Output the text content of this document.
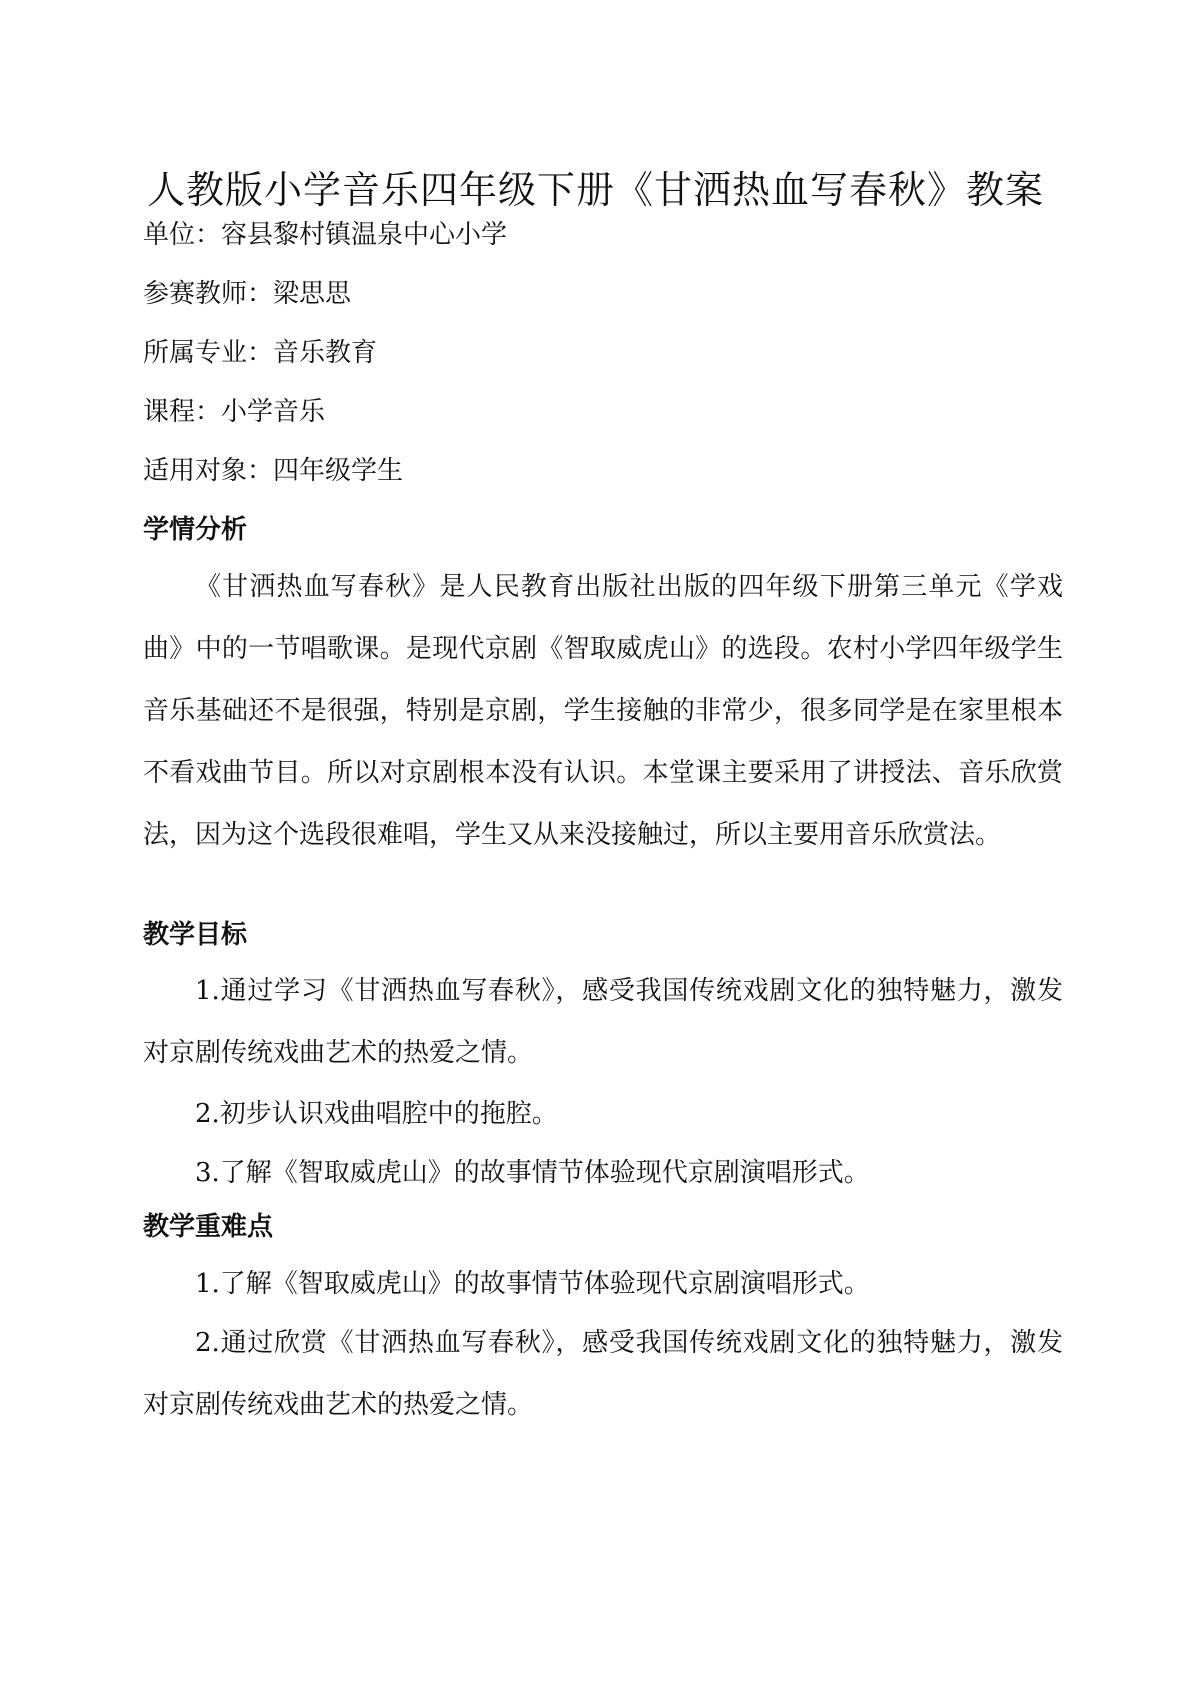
人教版小学音乐四年级下册《甘洒热血写春秋》教案
单位：容县黎村镇温泉中心小学
参赛教师：梁思思
所属专业：音乐教育
课程：小学音乐
适用对象：四年级学生
学情分析
《甘洒热血写春秋》是人民教育出版社出版的四年级下册第三单元《学戏曲》中的一节唱歌课。是现代京剧《智取威虎山》的选段。农村小学四年级学生音乐基础还不是很强，特别是京剧，学生接触的非常少，很多同学是在家里根本不看戏曲节目。所以对京剧根本没有认识。本堂课主要采用了讲授法、音乐欣赏法，因为这个选段很难唱，学生又从来没接触过，所以主要用音乐欣赏法。
教学目标
1.通过学习《甘洒热血写春秋》，感受我国传统戏剧文化的独特魅力，激发对京剧传统戏曲艺术的热爱之情。
2.初步认识戏曲唱腔中的拖腔。
3.了解《智取威虎山》的故事情节体验现代京剧演唱形式。
教学重难点
1.了解《智取威虎山》的故事情节体验现代京剧演唱形式。
2.通过欣赏《甘洒热血写春秋》，感受我国传统戏剧文化的独特魅力，激发对京剧传统戏曲艺术的热爱之情。
